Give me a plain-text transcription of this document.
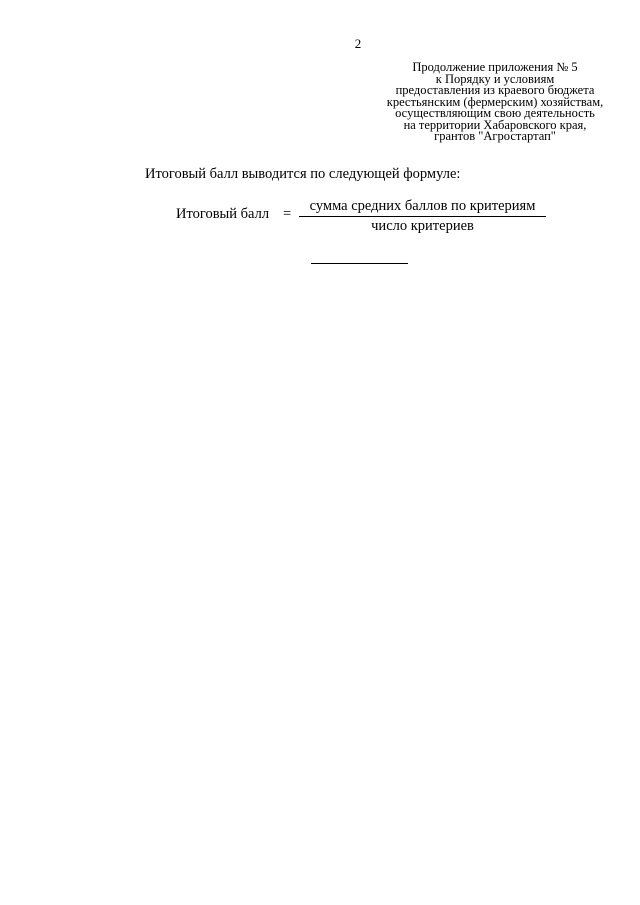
2
Продолжение приложения № 5
к Порядку и условиям
предоставления из краевого бюджета
крестьянским (фермерским) хозяйствам,
осуществляющим свою деятельность
на территории Хабаровского края,
грантов "Агростартап"
Итоговый балл выводится по следующей формуле:
Итоговый балл =	сумма средних баллов по критериям
число критериев
